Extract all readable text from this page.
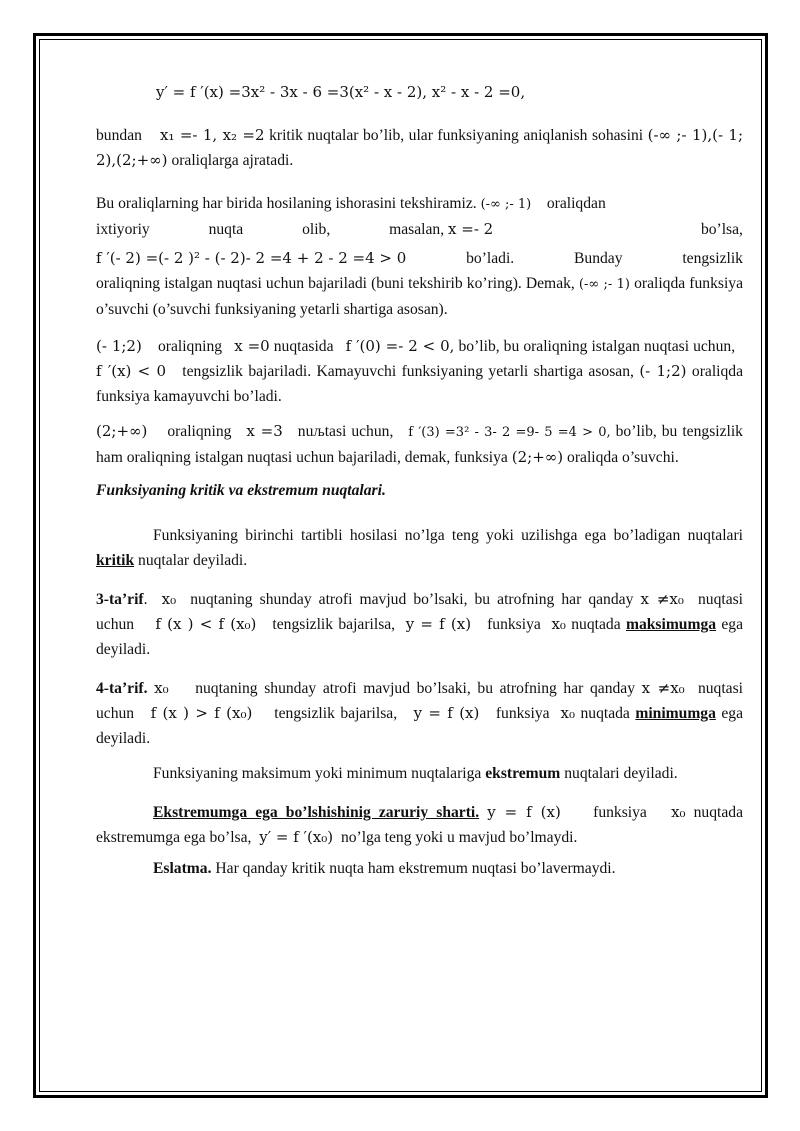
y′ = f ′(x) =3x² - 3x - 6 =3(x² - x - 2), x² - x - 2 =0,

bundan x₁ =- 1, x₂ =2 kritik nuqtalar bo’lib, ular funksiyaning aniqlanish sohasini (-∞ ;- 1),(- 1; 2),(2;+∞) oraliqlarga ajratadi.

Bu oraliqlarning har birida hosilaning ishorasini tekshiramiz. (-∞ ;- 1) oraliqdan

ixtiyoriy	nuqta	olib,	masalan, x =- 2	bo’lsa,

f ′(- 2) =(- 2 )² - (- 2)- 2 =4 + 2 - 2 =4 > 0	bo’ladi.	Bunday	tengsizlik

oraliqning istalgan nuqtasi uchun bajariladi (buni tekshirib ko’ring). Demak, (-∞ ;- 1) oraliqda funksiya o’suvchi (o’suvchi funksiyaning yetarli shartiga asosan).

(- 1;2) oraliqning x =0 nuqtasida f ′(0) =- 2 < 0, bo’lib, bu oraliqning istalgan nuqtasi uchun,   f ′(x) < 0 tengsizlik bajariladi. Kamayuvchi funksiyaning yetarli shartiga asosan, (- 1;2) oraliqda funksiya kamayuvchi bo’ladi.

(2;+∞) oraliqning x =3 nuљtasi uchun, f ′(3) =3² - 3- 2 =9- 5 =4 > 0, bo’lib, bu tengsizlik ham oraliqning istalgan nuqtasi uchun bajariladi, demak, funksiya (2;+∞) oraliqda o’suvchi.

Funksiyaning kritik va ekstremum nuqtalari.

Funksiyaning birinchi tartibli hosilasi no’lga teng yoki uzilishga ega bo’ladigan nuqtalari kritik nuqtalar deyiladi.

3-ta’rif. x₀ nuqtaning shunday atrofi mavjud bo’lsaki, bu atrofning har qanday x ≠x₀ nuqtasi uchun f (x ) < f (x₀) tengsizlik bajarilsa, y = f (x) funksiya x₀ nuqtada maksimumga ega deyiladi.

4-ta’rif. x₀ nuqtaning shunday atrofi mavjud bo’lsaki, bu atrofning har qanday x ≠x₀ nuqtasi uchun f (x ) > f (x₀) tengsizlik bajarilsa, y = f (x) funksiya x₀ nuqtada minimumga ega deyiladi.

Funksiyaning maksimum yoki minimum nuqtalariga ekstremum nuqtalari deyiladi.

Ekstremumga ega bo’lshishinig zaruriy sharti. y = f (x) funksiya x₀ nuqtada ekstremumga ega bo’lsa, y′ = f ′(x₀) no’lga teng yoki u mavjud bo’lmaydi.

Eslatma. Har qanday kritik nuqta ham ekstremum nuqtasi bo’lavermaydi.
